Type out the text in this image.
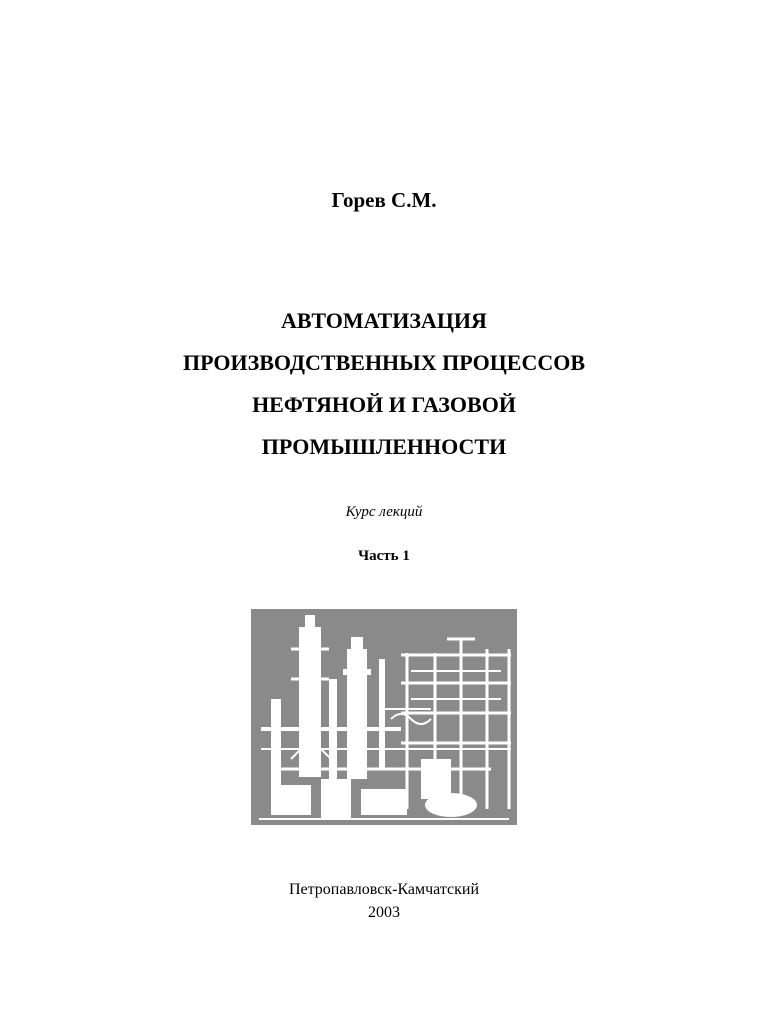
Горев С.М.
АВТОМАТИЗАЦИЯ
ПРОИЗВОДСТВЕННЫХ ПРОЦЕССОВ
НЕФТЯНОЙ И ГАЗОВОЙ
ПРОМЫШЛЕННОСТИ
Курс лекций
Часть 1
Петропавловск-Камчатский
2003
